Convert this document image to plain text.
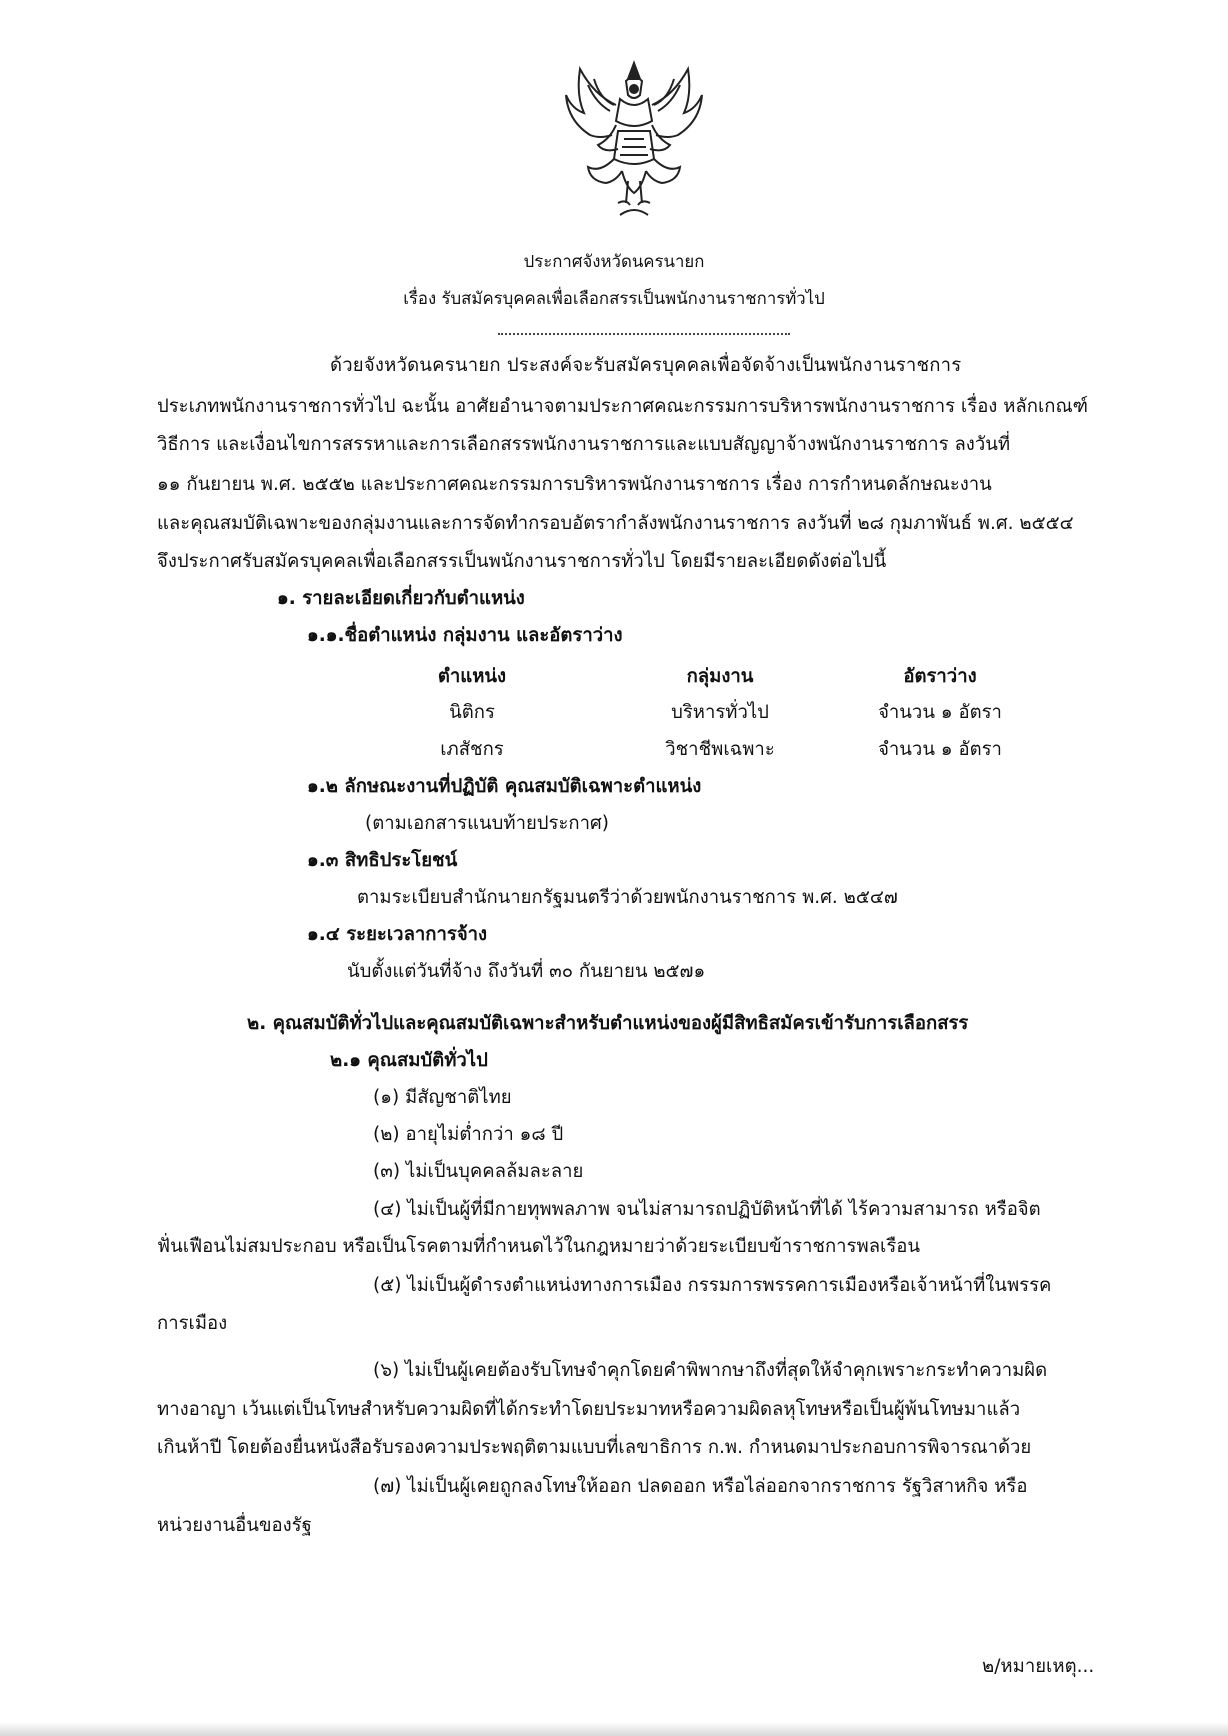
ประกาศจังหวัดนครนายก
เรื่อง รับสมัครบุคคลเพื่อเลือกสรรเป็นพนักงานราชการทั่วไป
ด้วยจังหวัดนครนายก ประสงค์จะรับสมัครบุคคลเพื่อจัดจ้างเป็นพนักงานราชการ
ประเภทพนักงานราชการทั่วไป ฉะนั้น อาศัยอำนาจตามประกาศคณะกรรมการบริหารพนักงานราชการ เรื่อง หลักเกณฑ์
วิธีการ และเงื่อนไขการสรรหาและการเลือกสรรพนักงานราชการและแบบสัญญาจ้างพนักงานราชการ ลงวันที่
๑๑ กันยายน พ.ศ. ๒๕๕๒ และประกาศคณะกรรมการบริหารพนักงานราชการ เรื่อง การกำหนดลักษณะงาน
และคุณสมบัติเฉพาะของกลุ่มงานและการจัดทำกรอบอัตรากำลังพนักงานราชการ ลงวันที่ ๒๘ กุมภาพันธ์ พ.ศ. ๒๕๕๔
จึงประกาศรับสมัครบุคคลเพื่อเลือกสรรเป็นพนักงานราชการทั่วไป โดยมีรายละเอียดดังต่อไปนี้
๑. รายละเอียดเกี่ยวกับตำแหน่ง
๑.๑.ชื่อตำแหน่ง กลุ่มงาน และอัตราว่าง
ตำแหน่ง	กลุ่มงาน	อัตราว่าง
นิติกร	บริหารทั่วไป	จำนวน ๑ อัตรา
เภสัชกร	วิชาชีพเฉพาะ	จำนวน ๑ อัตรา
๑.๒ ลักษณะงานที่ปฏิบัติ คุณสมบัติเฉพาะตำแหน่ง
(ตามเอกสารแนบท้ายประกาศ)
๑.๓ สิทธิประโยชน์
ตามระเบียบสำนักนายกรัฐมนตรีว่าด้วยพนักงานราชการ พ.ศ. ๒๕๔๗
๑.๔ ระยะเวลาการจ้าง
นับตั้งแต่วันที่จ้าง ถึงวันที่ ๓๐ กันยายน ๒๕๗๑
๒. คุณสมบัติทั่วไปและคุณสมบัติเฉพาะสำหรับตำแหน่งของผู้มีสิทธิสมัครเข้ารับการเลือกสรร
๒.๑ คุณสมบัติทั่วไป
(๑) มีสัญชาติไทย
(๒) อายุไม่ต่ำกว่า ๑๘ ปี
(๓) ไม่เป็นบุคคลล้มละลาย
(๔) ไม่เป็นผู้ที่มีกายทุพพลภาพ จนไม่สามารถปฏิบัติหน้าที่ได้ ไร้ความสามารถ หรือจิต
ฟั่นเฟือนไม่สมประกอบ หรือเป็นโรคตามที่กำหนดไว้ในกฎหมายว่าด้วยระเบียบข้าราชการพลเรือน
(๕) ไม่เป็นผู้ดำรงตำแหน่งทางการเมือง กรรมการพรรคการเมืองหรือเจ้าหน้าที่ในพรรค
การเมือง
(๖) ไม่เป็นผู้เคยต้องรับโทษจำคุกโดยคำพิพากษาถึงที่สุดให้จำคุกเพราะกระทำความผิด
ทางอาญา เว้นแต่เป็นโทษสำหรับความผิดที่ได้กระทำโดยประมาทหรือความผิดลหุโทษหรือเป็นผู้พ้นโทษมาแล้ว
เกินห้าปี โดยต้องยื่นหนังสือรับรองความประพฤติตามแบบที่เลขาธิการ ก.พ. กำหนดมาประกอบการพิจารณาด้วย
(๗) ไม่เป็นผู้เคยถูกลงโทษให้ออก ปลดออก หรือไล่ออกจากราชการ รัฐวิสาหกิจ หรือ
หน่วยงานอื่นของรัฐ
๒/หมายเหตุ...
